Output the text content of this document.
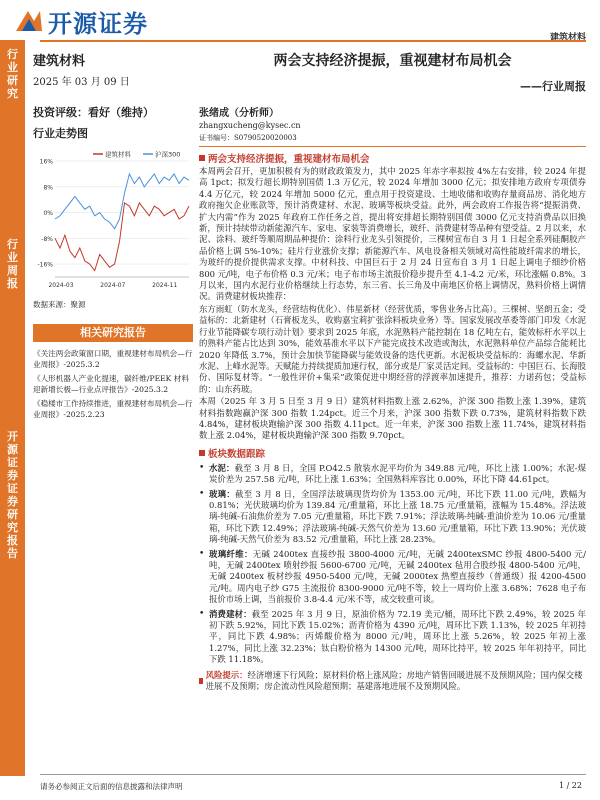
开源证券
建筑材料
行
业
研
究
行
业
周
报
开
源
证
券
证
券
研
究
报
告
建筑材料
2025 年 03 月 09 日
投资评级：看好（维持）
行业走势图
16%
8%
0%
-8%
-16%
2024-03	2024-07	2024-11
建筑材料	沪深300
数据来源：聚源
相关研究报告
《关注两会政策窗口期，重视建材布局机会—行业周报》-2025.3.2
《人形机器人产业化提速，碳纤维/PEEK 材料迎新增长极—行业点评报告》-2025.3.2
《稳楼市工作持续推进，重视建材布局机会—行业周报》-2025.2.23
两会支持经济提振，重视建材布局机会
——行业周报
张绪成（分析师）
zhangxucheng@kysec.cn
证书编号：S0790520020003
两会支持经济提振，重视建材布局机会
本周两会召开，更加积极有为的财政政策发力，其中 2025 年赤字率拟按 4%左右安排，较 2024 年提高 1pct；拟发行超长期特别国债 1.3 万亿元，较 2024 年增加 3000 亿元；拟安排地方政府专项债券 4.4 万亿元，较 2024 年增加 5000 亿元，重点用于投资建设、土地收储和收购存量商品房、消化地方政府拖欠企业账款等，预计消费建材、水泥、玻璃等板块受益。此外，两会政府工作报告将“提振消费、扩大内需”作为 2025 年政府工作任务之首，提出将安排超长期特别国债 3000 亿元支持消费品以旧换新，预计持续带动新能源汽车、家电、家装等消费增长，玻纤、消费建材等品种有望受益。2 月以来，水泥、涂料、玻纤等顺周期品种提价：涂料行业龙头引领提价，三棵树宣布自 3 月 1 日起全系列硅酮胶产品价格上调 5%-10%；硅片行业涨价支撑；新能源汽车、风电设备相关领域对高性能玻纤需求的增长，为玻纤的提价提供需求支撑。中材科技、中国巨石于 2 月 24 日宣布自 3 月 1 日起上调电子细纱价格 800 元/吨，电子布价格 0.3 元/米；电子布市场主流报价稳步提升至 4.1-4.2 元/米，环比涨幅 0.8%。3 月以来，国内水泥行业价格继续上行态势，东三省、长三角及中南地区价格上调情况，熟料价格上调情况。消费建材板块推荐：
东方雨虹（防水龙头，经营结构优化）、伟星新材（经营优质，零售业务占比高）。三棵树、坚朗五金；受益标的：北新建材（石膏板龙头，收购嘉宝莉扩张涂料板块业务）等。国家发展改革委等部门印发《水泥行业节能降碳专项行动计划》要求到 2025 年底，水泥熟料产能控制在 18 亿吨左右，能效标杆水平以上的熟料产能占比达到 30%，能效基准水平以下产能完成技术改造或淘汰，水泥熟料单位产品综合能耗比 2020 年降低 3.7%，预计会加快节能降碳与能效设备的迭代更新。水泥板块受益标的：海螺水泥、华新水泥、上峰水泥等。天赋能力持续提质加速行权，部分或是厂家灵活定间。受益标的：中国巨石、长海股份、国际复材等。“一般性评价+集采”政策促进中期经营的浮渡率加速提升，推荐：力诺药包；受益标的：山东药玻。
本周（2025 年 3 月 5 日至 3 月 9 日）建筑材料指数上涨 2.62%，沪深 300 指数上涨 1.39%，建筑材料指数跑赢沪深 300 指数 1.24pct。近三个月来，沪深 300 指数下跌 0.73%，建筑材料指数下跌 4.84%，建材板块跑输沪深 300 指数 4.11pct。近一年来，沪深 300 指数上涨 11.74%，建筑材料指数上涨 2.04%，建材板块跑输沪深 300 指数 9.70pct。
板块数据跟踪
• 水泥：截至 3 月 8 日，全国 P.O42.5 散装水泥平均价为 349.88 元/吨，环比上涨 1.00%；水泥-煤炭价差为 257.58 元/吨，环比上涨 1.63%；全国熟料库容比 0.00%，环比下降 44.61pct。
• 玻璃：截至 3 月 8 日，全国浮法玻璃现货均价为 1353.00 元/吨，环比下跌 11.00 元/吨，跌幅为 0.81%；光伏玻璃均价为 139.84 元/重量箱，环比上涨 18.75 元/重量箱，涨幅为 15.48%。浮法玻璃-纯碱-石油焦价差为 7.05 元/重量箱，环比下跌 7.91%；浮法玻璃-纯碱-重油价差为 10.06 元/重量箱，环比下跌 12.49%；浮法玻璃-纯碱-天然气价差为 13.60 元/重量箱，环比下跌 13.90%；光伏玻璃-纯碱-天然气价差为 83.52 元/重量箱，环比上涨 28.23%。
• 玻璃纤维：无碱 2400tex 直接纱报 3800-4000 元/吨，无碱 2400texSMC 纱报 4800-5400 元/吨，无碱 2400tex 喷射纱报 5600-6700 元/吨，无碱 2400tex 毡用合股纱报 4800-5400 元/吨，无碱 2400tex 板材纱报 4950-5400 元/吨，无碱 2000tex 热塑直接纱（普通级）报 4200-4500 元/吨。周内电子纱 G75 主流报价 8300-9000 元/吨不等，较上一周均价上涨 3.68%；7628 电子布报价市场上调，当前报价 3.8-4.4 元/米不等，成交较重可谈。
• 消费建材：截至 2025 年 3 月 9 日，原油价格为 72.19 美元/桶，周环比下跌 2.49%，较 2025 年初下跌 5.92%，同比下跌 15.02%；沥青价格为 4390 元/吨，周环比下跌 1.13%，较 2025 年初持平，同比下跌 4.98%；丙烯酸价格为 8000 元/吨，周环比上涨 5.26%，较 2025 年初上涨 1.27%，同比上涨 32.23%；钛白粉价格为 14300 元/吨，周环比持平，较 2025 年年初持平，同比下跌 11.18%。
风险提示：经济增速下行风险；原材料价格上涨风险；房地产销售回暖进展不及预期风险；国内保交楼进展不及预期；房企流动性风险超预期；基建落地进展不及预期风险。
请务必参阅正文后面的信息披露和法律声明	1 / 22
